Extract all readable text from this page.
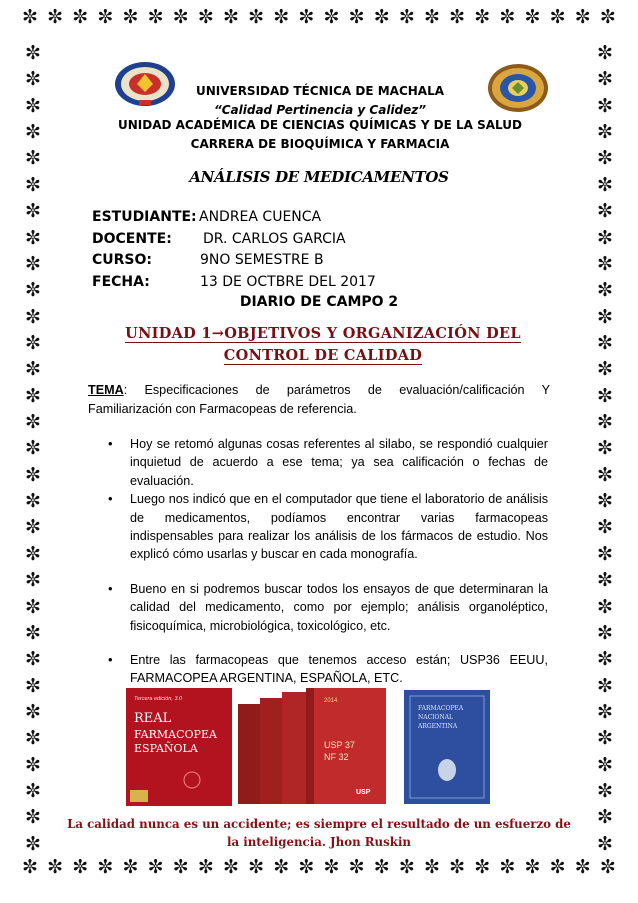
✼ ✼ ✼ ✼ ✼ ✼ ✼ ✼ ✼ ✼ ✼ ✼ ✼ ✼ ✼ ✼ ✼ ✼ ✼ ✼ ✼ ✼ ✼ ✼
✼ ✼ ✼ ✼ ✼ ✼ ✼ ✼ ✼ ✼ ✼ ✼ ✼ ✼ ✼ ✼ ✼ ✼ ✼ ✼ ✼ ✼ ✼ ✼
✼
✼
✼
✼
✼
✼
✼
✼
✼
✼
✼
✼
✼
✼
✼
✼
✼
✼
✼
✼
✼
✼
✼
✼
✼
✼
✼
✼
✼
✼
✼
✼
✼
✼
✼
✼
✼
✼
✼
✼
✼
✼
✼
✼
✼
✼
✼
✼
✼
✼
✼
✼
✼
✼
✼
✼
✼
✼
✼
✼
✼
✼
UNIVERSIDAD TÉCNICA DE MACHALA
“Calidad Pertinencia y Calidez”
UNIDAD ACADÉMICA DE CIENCIAS QUÍMICAS Y DE LA SALUD
CARRERA DE BIOQUÍMICA Y FARMACIA
ANÁLISIS DE MEDICAMENTOS
ESTUDIANTE: ANDREA CUENCA
DOCENTE: DR. CARLOS GARCIA
CURSO:	9NO SEMESTRE B
FECHA:	13 DE OCTBRE DEL 2017
DIARIO DE CAMPO 2
UNIDAD 1→OBJETIVOS Y ORGANIZACIÓN DEL
CONTROL DE CALIDAD
TEMA: Especificaciones de parámetros de evaluación/calificación Y Familiarización con Farmacopeas de referencia.
• Hoy se retomó algunas cosas referentes al silabo, se respondió cualquier inquietud de acuerdo a ese tema; ya sea calificación o fechas de evaluación.
• Luego nos indicó que en el computador que tiene el laboratorio de análisis de medicamentos, podíamos encontrar varias farmacopeas indispensables para realizar los análisis de los fármacos de estudio. Nos explicó cómo usarlas y buscar en cada monografía.
• Bueno en si podremos buscar todos los ensayos de que determinaran la calidad del medicamento, como por ejemplo; análisis organoléptico, fisicoquímica, microbiológica, toxicológico, etc.
• Entre las farmacopeas que tenemos acceso están; USP36 EEUU, FARMACOPEA ARGENTINA, ESPAÑOLA, ETC.
Tercera edición, 3.0
REAL
FARMACOPEA
ESPAÑOLA
2014
USP 37
NF 32
USP
FARMACOPEA
NACIONAL
ARGENTINA
La calidad nunca es un accidente; es siempre el resultado de un esfuerzo de la inteligencia. Jhon Ruskin
